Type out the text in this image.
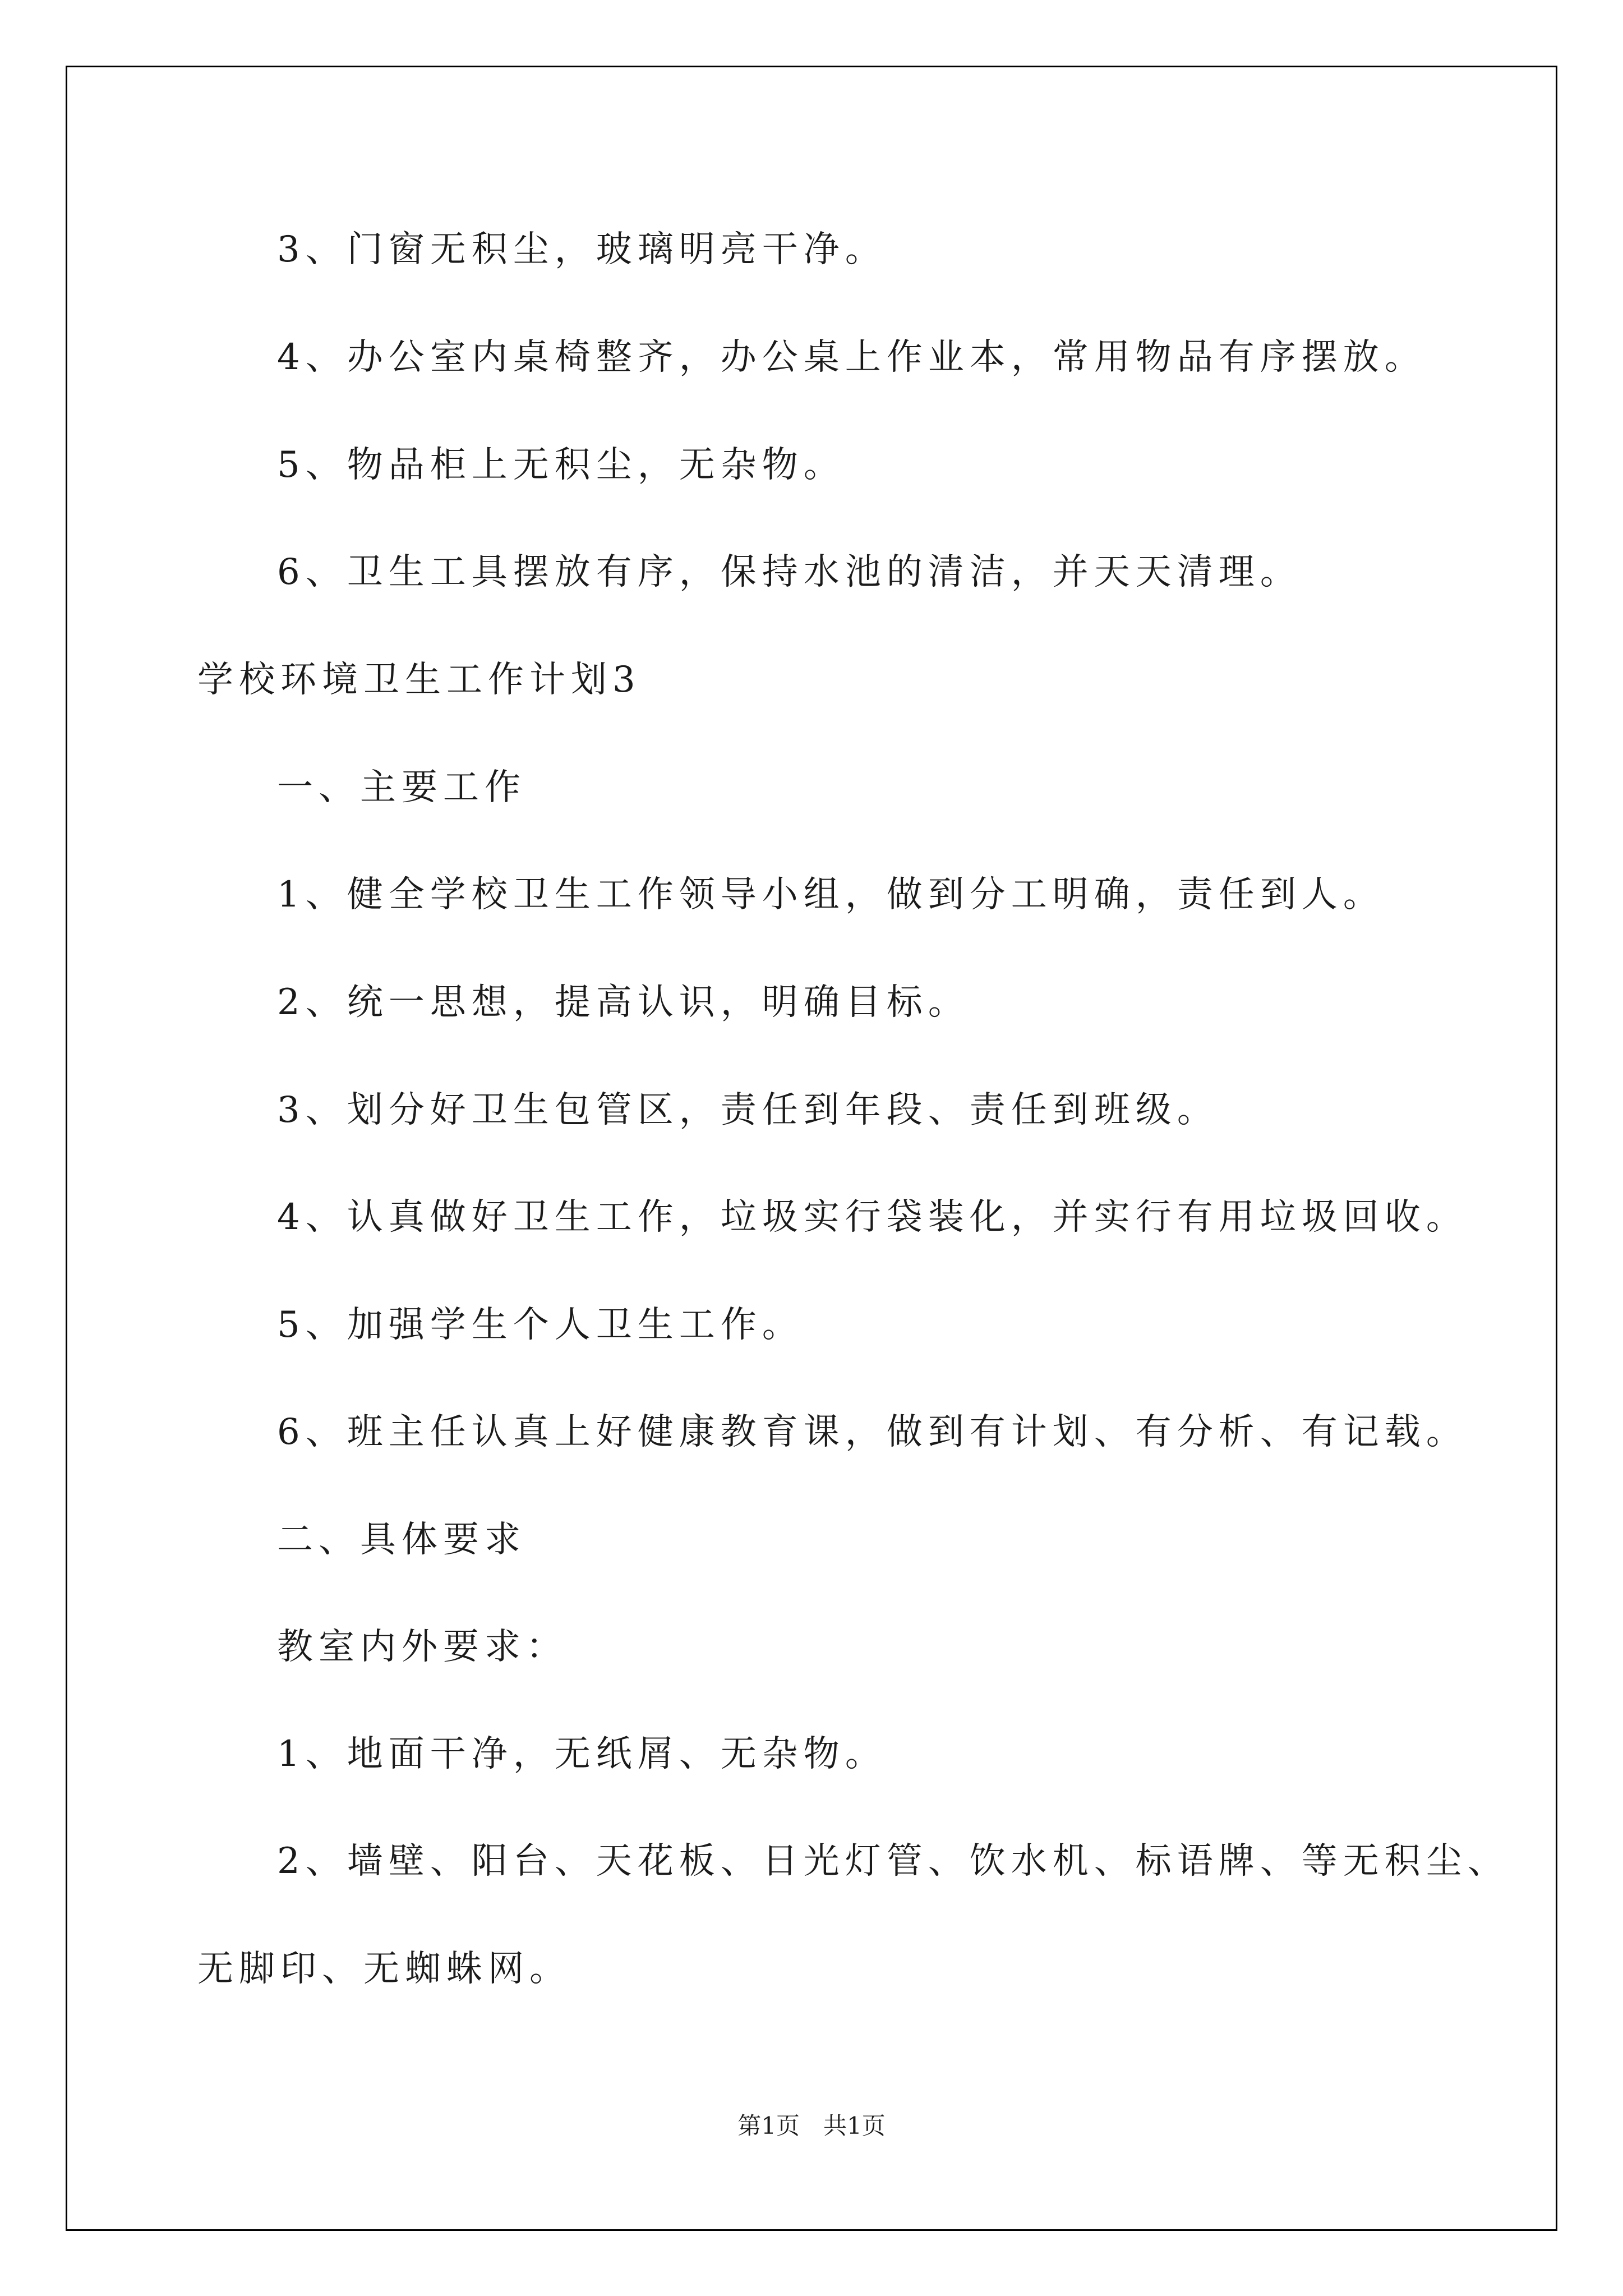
3、门窗无积尘，玻璃明亮干净。
4、办公室内桌椅整齐，办公桌上作业本，常用物品有序摆放。
5、物品柜上无积尘，无杂物。
6、卫生工具摆放有序，保持水池的清洁，并天天清理。
学校环境卫生工作计划3
一、主要工作
1、健全学校卫生工作领导小组，做到分工明确，责任到人。
2、统一思想，提高认识，明确目标。
3、划分好卫生包管区，责任到年段、责任到班级。
4、认真做好卫生工作，垃圾实行袋装化，并实行有用垃圾回收。
5、加强学生个人卫生工作。
6、班主任认真上好健康教育课，做到有计划、有分析、有记载。
二、具体要求
教室内外要求：
1、地面干净，无纸屑、无杂物。
2、墙壁、阳台、天花板、日光灯管、饮水机、标语牌、等无积尘、
无脚印、无蜘蛛网。
第1页　共1页
